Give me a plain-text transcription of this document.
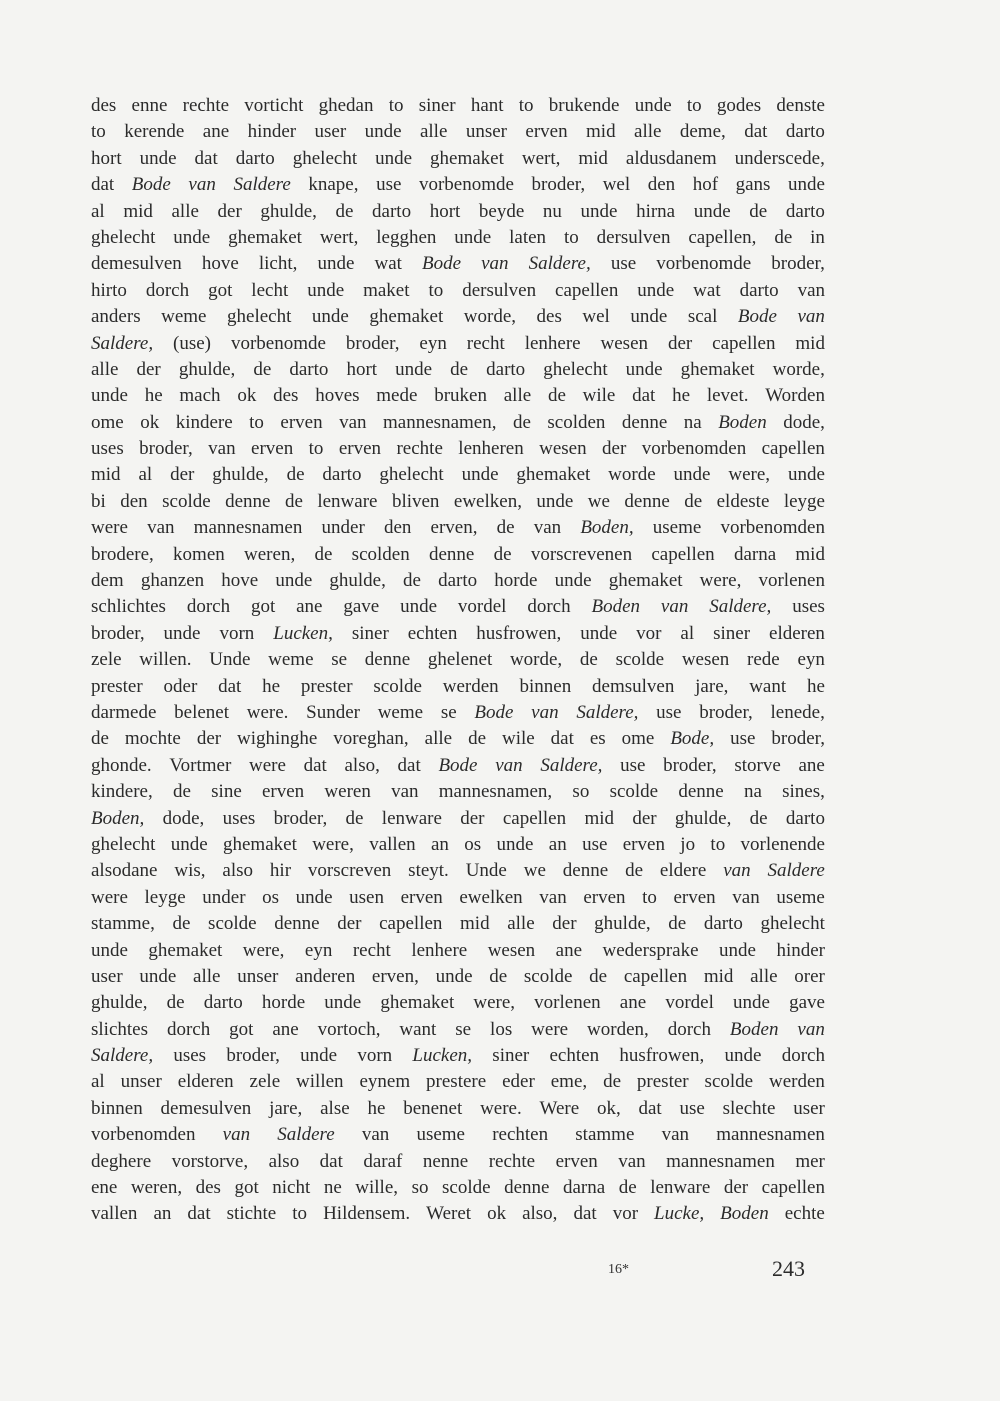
des enne rechte vorticht ghedan to siner hant to brukende unde to godes denste
to kerende ane hinder user unde alle unser erven mid alle deme, dat darto
hort unde dat darto ghelecht unde ghemaket wert, mid aldusdanem underscede,
dat Bode van Saldere knape, use vorbenomde broder, wel den hof gans unde
al mid alle der ghulde, de darto hort beyde nu unde hirna unde de darto
ghelecht unde ghemaket wert, legghen unde laten to dersulven capellen, de in
demesulven hove licht, unde wat Bode van Saldere, use vorbenomde broder,
hirto dorch got lecht unde maket to dersulven capellen unde wat darto van
anders weme ghelecht unde ghemaket worde, des wel unde scal Bode van
Saldere, (use) vorbenomde broder, eyn recht lenhere wesen der capellen mid
alle der ghulde, de darto hort unde de darto ghelecht unde ghemaket worde,
unde he mach ok des hoves mede bruken alle de wile dat he levet. Worden
ome ok kindere to erven van mannesnamen, de scolden denne na Boden dode,
uses broder, van erven to erven rechte lenheren wesen der vorbenomden capellen
mid al der ghulde, de darto ghelecht unde ghemaket worde unde were, unde
bi den scolde denne de lenware bliven ewelken, unde we denne de eldeste leyge
were van mannesnamen under den erven, de van Boden, useme vorbenomden
brodere, komen weren, de scolden denne de vorscrevenen capellen darna mid
dem ghanzen hove unde ghulde, de darto horde unde ghemaket were, vorlenen
schlichtes dorch got ane gave unde vordel dorch Boden van Saldere, uses
broder, unde vorn Lucken, siner echten husfrowen, unde vor al siner elderen
zele willen. Unde weme se denne ghelenet worde, de scolde wesen rede eyn
prester oder dat he prester scolde werden binnen demsulven jare, want he
darmede belenet were. Sunder weme se Bode van Saldere, use broder, lenede,
de mochte der wighinghe voreghan, alle de wile dat es ome Bode, use broder,
ghonde. Vortmer were dat also, dat Bode van Saldere, use broder, storve ane
kindere, de sine erven weren van mannesnamen, so scolde denne na sines,
Boden, dode, uses broder, de lenware der capellen mid der ghulde, de darto
ghelecht unde ghemaket were, vallen an os unde an use erven jo to vorlenende
alsodane wis, also hir vorscreven steyt. Unde we denne de eldere van Saldere
were leyge under os unde usen erven ewelken van erven to erven van useme
stamme, de scolde denne der capellen mid alle der ghulde, de darto ghelecht
unde ghemaket were, eyn recht lenhere wesen ane wedersprake unde hinder
user unde alle unser anderen erven, unde de scolde de capellen mid alle orer
ghulde, de darto horde unde ghemaket were, vorlenen ane vordel unde gave
slichtes dorch got ane vortoch, want se los were worden, dorch Boden van
Saldere, uses broder, unde vorn Lucken, siner echten husfrowen, unde dorch
al unser elderen zele willen eynem prestere eder eme, de prester scolde werden
binnen demesulven jare, alse he benenet were. Were ok, dat use slechte user
vorbenomden van Saldere van useme rechten stamme van mannesnamen
deghere vorstorve, also dat daraf nenne rechte erven van mannesnamen mer
ene weren, des got nicht ne wille, so scolde denne darna de lenware der capellen
vallen an dat stichte to Hildensem. Weret ok also, dat vor Lucke, Boden echte
16*	243
